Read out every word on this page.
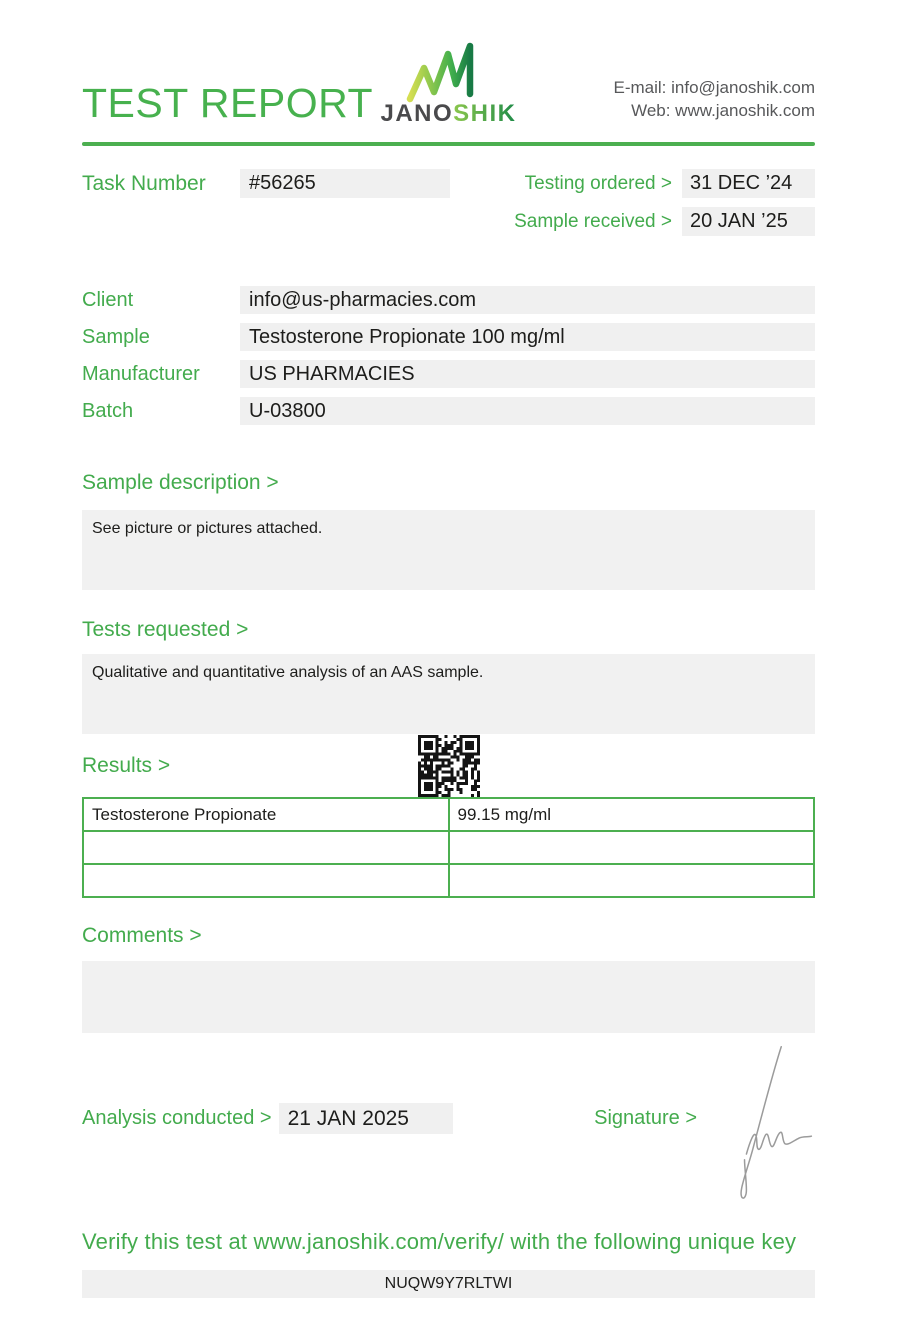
TEST REPORT JANOSHIK
E-mail: info@janoshik.com
Web: www.janoshik.com
Task Number	#56265	Testing ordered > 31 DEC ’24
Sample received > 20 JAN ’25
Client	info@us-pharmacies.com
Sample	Testosterone Propionate 100 mg/ml
Manufacturer	US PHARMACIES
Batch	U-03800
Sample description >
See picture or pictures attached.
Tests requested >
Qualitative and quantitative analysis of an AAS sample.
Results >
Testosterone Propionate	99.15 mg/ml

Comments >
Analysis conducted > 21 JAN 2025	Signature >
Verify this test at www.janoshik.com/verify/ with the following unique key
NUQW9Y7RLTWI
